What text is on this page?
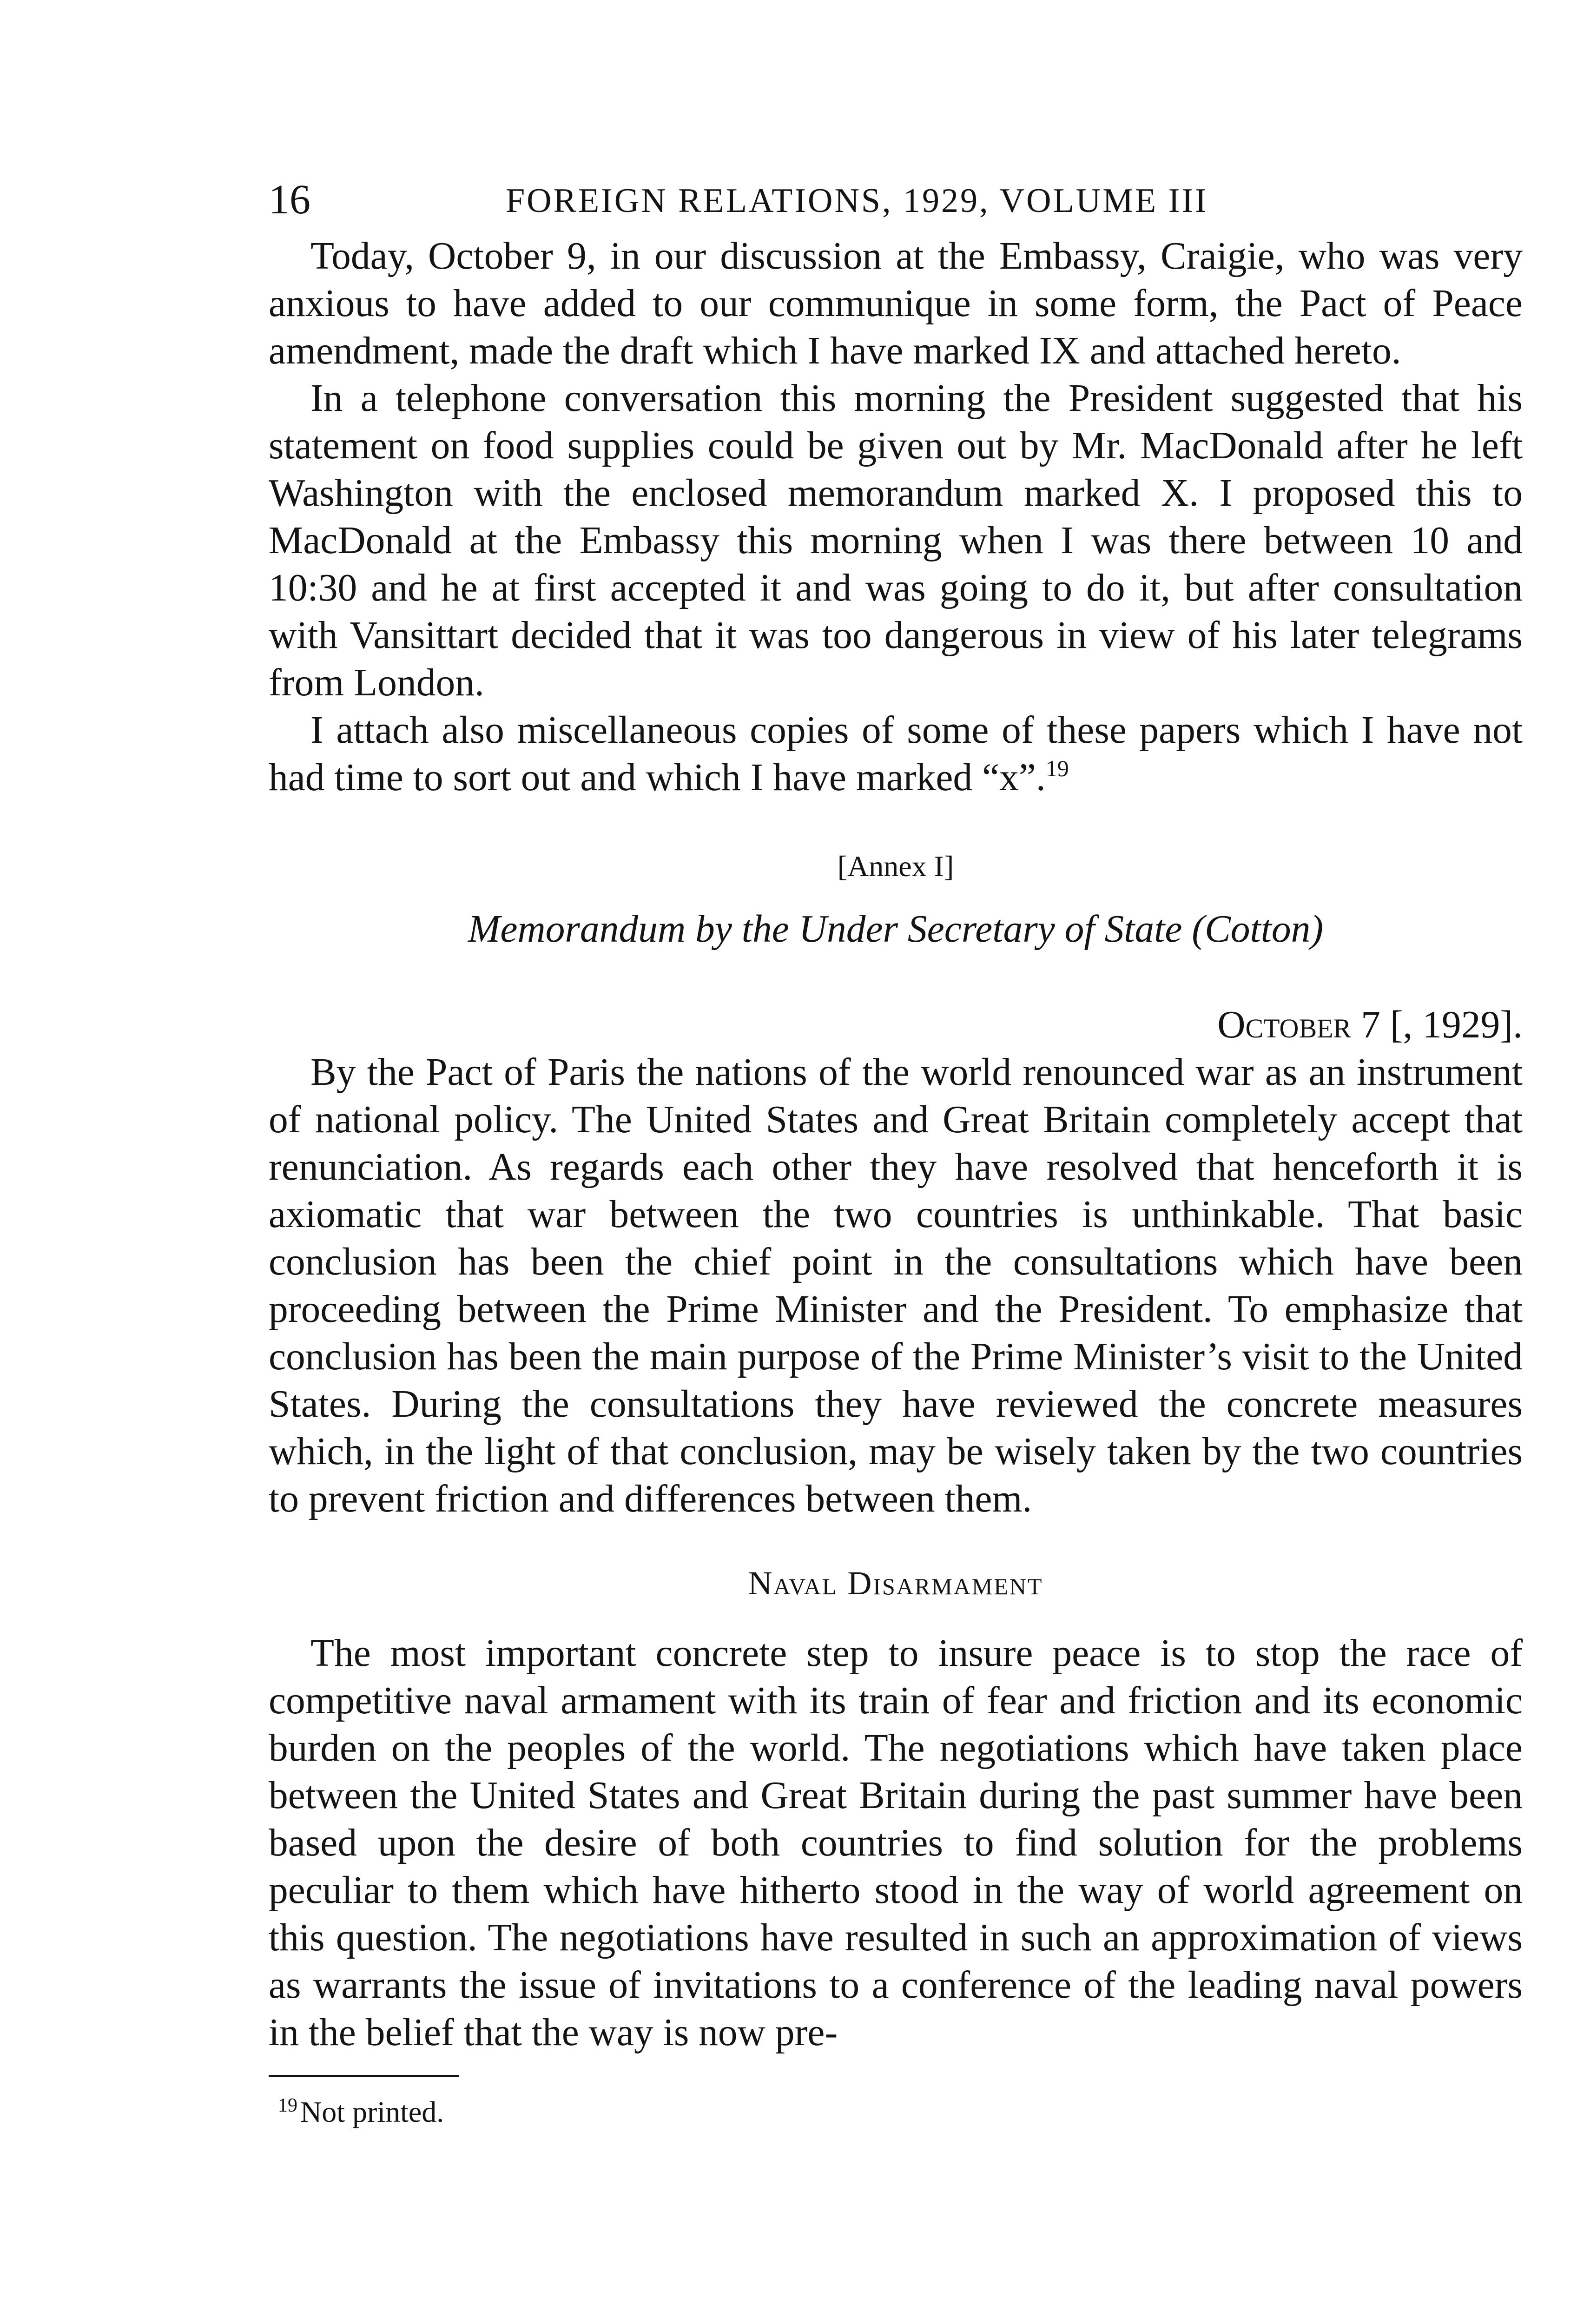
16	FOREIGN RELATIONS, 1929, VOLUME III

Today, October 9, in our discussion at the Embassy, Craigie, who was very anxious to have added to our communique in some form, the Pact of Peace amendment, made the draft which I have marked IX and attached hereto.

In a telephone conversation this morning the President suggested that his statement on food supplies could be given out by Mr. MacDonald after he left Washington with the enclosed memorandum marked X. I proposed this to MacDonald at the Embassy this morning when I was there between 10 and 10:30 and he at first accepted it and was going to do it, but after consultation with Vansittart decided that it was too dangerous in view of his later telegrams from London.

I attach also miscellaneous copies of some of these papers which I have not had time to sort out and which I have marked “x”.$^{19}$

[Annex I]
Memorandum by the Under Secretary of State (Cotton)
October 7 [, 1929].

By the Pact of Paris the nations of the world renounced war as an instrument of national policy. The United States and Great Britain completely accept that renunciation. As regards each other they have resolved that henceforth it is axiomatic that war between the two countries is unthinkable. That basic conclusion has been the chief point in the consultations which have been proceeding between the Prime Minister and the President. To emphasize that conclusion has been the main purpose of the Prime Minister’s visit to the United States. During the consultations they have reviewed the concrete measures which, in the light of that conclusion, may be wisely taken by the two countries to prevent friction and differences between them.

Naval Disarmament

The most important concrete step to insure peace is to stop the race of competitive naval armament with its train of fear and friction and its economic burden on the peoples of the world. The negotiations which have taken place between the United States and Great Britain during the past summer have been based upon the desire of both countries to find solution for the problems peculiar to them which have hitherto stood in the way of world agreement on this question. The negotiations have resulted in such an approximation of views as warrants the issue of invitations to a conference of the leading naval powers in the belief that the way is now pre-

$^{19}$Not printed.
